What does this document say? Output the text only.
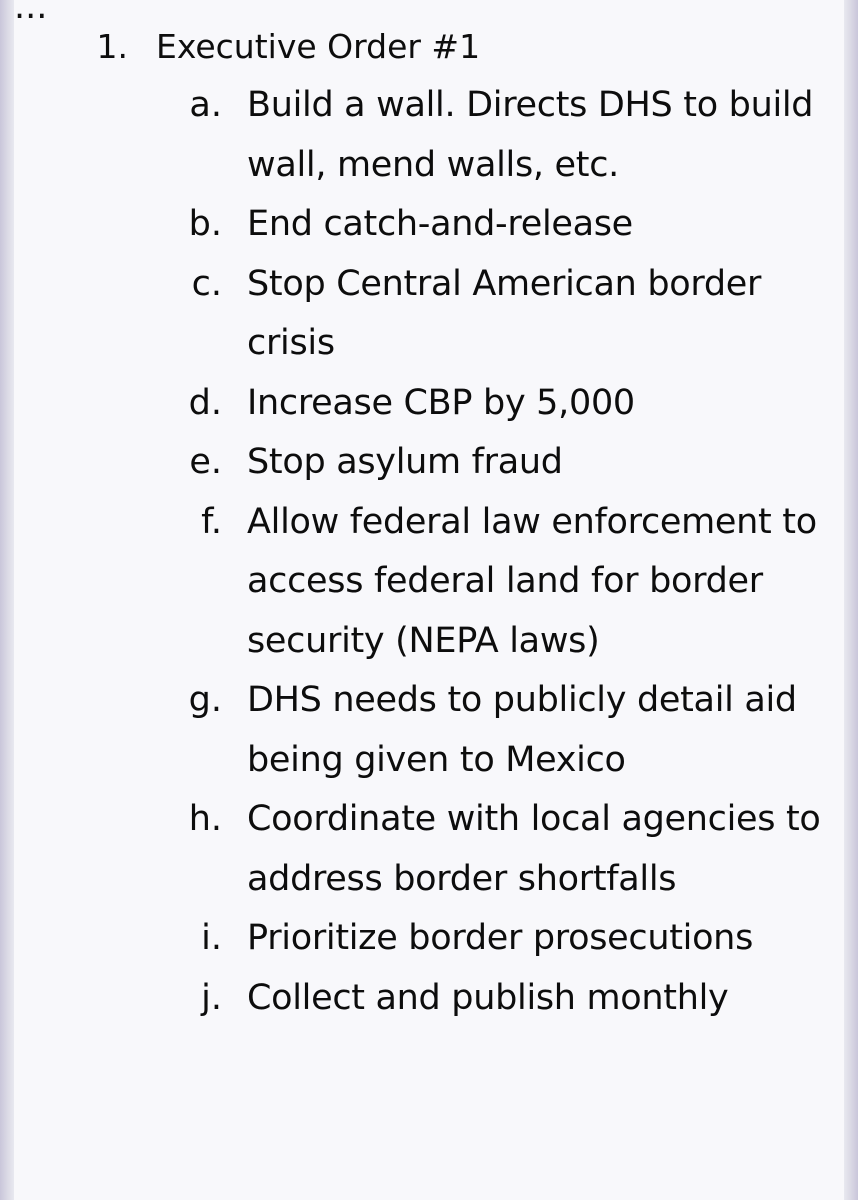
...
1. Executive Order #1
a. Build a wall. Directs DHS to build wall, mend walls, etc.
b. End catch-and-release
c. Stop Central American border crisis
d. Increase CBP by 5,000
e. Stop asylum fraud
f. Allow federal law enforcement to access federal land for border security (NEPA laws)
g. DHS needs to publicly detail aid being given to Mexico
h. Coordinate with local agencies to address border shortfalls
i. Prioritize border prosecutions
j. Collect and publish monthly
